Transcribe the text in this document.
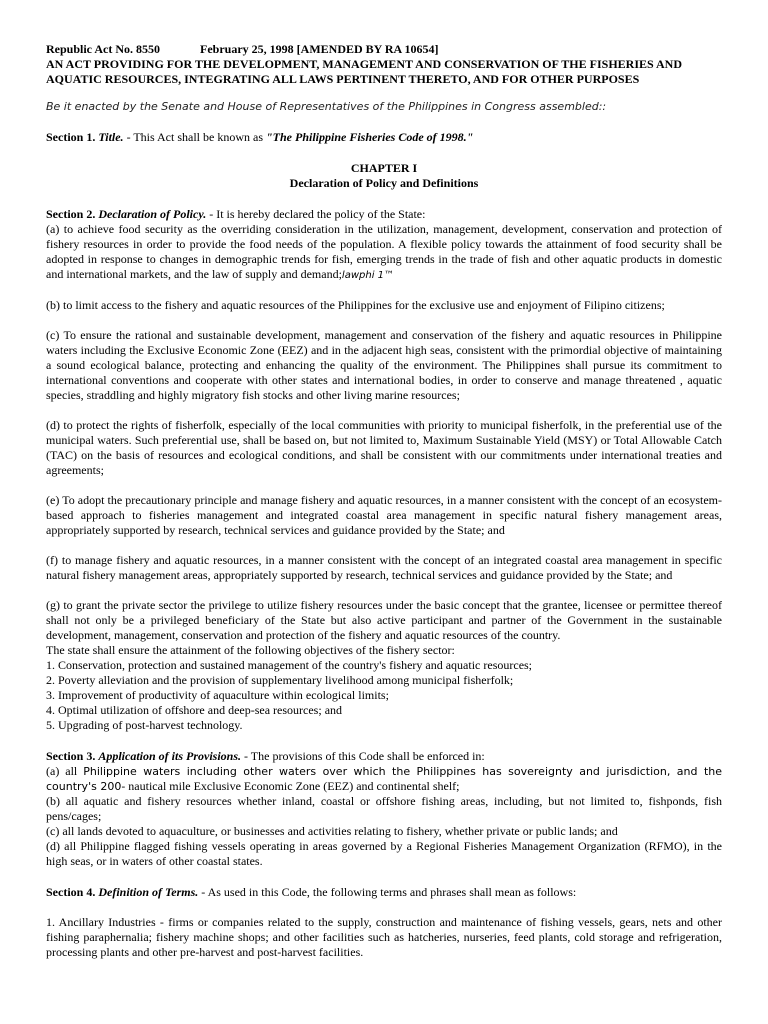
Republic Act No. 8550	February 25, 1998 [AMENDED BY RA 10654]

AN ACT PROVIDING FOR THE DEVELOPMENT, MANAGEMENT AND CONSERVATION OF THE FISHERIES AND AQUATIC RESOURCES, INTEGRATING ALL LAWS PERTINENT THERETO, AND FOR OTHER PURPOSES

Be it enacted by the Senate and House of Representatives of the Philippines in Congress assembled::

Section 1. Title. - This Act shall be known as "The Philippine Fisheries Code of 1998."

CHAPTER I

Declaration of Policy and Definitions

Section 2. Declaration of Policy. - It is hereby declared the policy of the State:

(a) to achieve food security as the overriding consideration in the utilization, management, development, conservation and protection of fishery resources in order to provide the food needs of the population. A flexible policy towards the attainment of food security shall be adopted in response to changes in demographic trends for fish, emerging trends in the trade of fish and other aquatic products in domestic and international markets, and the law of supply and demand;lawphi 1™

(b) to limit access to the fishery and aquatic resources of the Philippines for the exclusive use and enjoyment of Filipino citizens;

(c) To ensure the rational and sustainable development, management and conservation of the fishery and aquatic resources in Philippine waters including the Exclusive Economic Zone (EEZ) and in the adjacent high seas, consistent with the primordial objective of maintaining a sound ecological balance, protecting and enhancing the quality of the environment. The Philippines shall pursue its commitment to international conventions and cooperate with other states and international bodies, in order to conserve and manage threatened , aquatic species, straddling and highly migratory fish stocks and other living marine resources;

(d) to protect the rights of fisherfolk, especially of the local communities with priority to municipal fisherfolk, in the preferential use of the municipal waters. Such preferential use, shall be based on, but not limited to, Maximum Sustainable Yield (MSY) or Total Allowable Catch (TAC) on the basis of resources and ecological conditions, and shall be consistent with our commitments under international treaties and agreements;

(e) To adopt the precautionary principle and manage fishery and aquatic resources, in a manner consistent with the concept of an ecosystem-based approach to fisheries management and integrated coastal area management in specific natural fishery management areas, appropriately supported by research, technical services and guidance provided by the State; and

(f) to manage fishery and aquatic resources, in a manner consistent with the concept of an integrated coastal area management in specific natural fishery management areas, appropriately supported by research, technical services and guidance provided by the State; and

(g) to grant the private sector the privilege to utilize fishery resources under the basic concept that the grantee, licensee or permittee thereof shall not only be a privileged beneficiary of the State but also active participant and partner of the Government in the sustainable development, management, conservation and protection of the fishery and aquatic resources of the country.

The state shall ensure the attainment of the following objectives of the fishery sector:

1. Conservation, protection and sustained management of the country's fishery and aquatic resources;
2. Poverty alleviation and the provision of supplementary livelihood among municipal fisherfolk;
3. Improvement of productivity of aquaculture within ecological limits;
4. Optimal utilization of offshore and deep-sea resources; and
5. Upgrading of post-harvest technology.

Section 3. Application of its Provisions. - The provisions of this Code shall be enforced in:

(a) all Philippine waters including other waters over which the Philippines has sovereignty and jurisdiction, and the country's 200- nautical mile Exclusive Economic Zone (EEZ) and continental shelf;

(b) all aquatic and fishery resources whether inland, coastal or offshore fishing areas, including, but not limited to, fishponds, fish pens/cages;

(c) all lands devoted to aquaculture, or businesses and activities relating to fishery, whether private or public lands; and

(d) all Philippine flagged fishing vessels operating in areas governed by a Regional Fisheries Management Organization (RFMO), in the high seas, or in waters of other coastal states.

Section 4. Definition of Terms. - As used in this Code, the following terms and phrases shall mean as follows:

1. Ancillary Industries - firms or companies related to the supply, construction and maintenance of fishing vessels, gears, nets and other fishing paraphernalia; fishery machine shops; and other facilities such as hatcheries, nurseries, feed plants, cold storage and refrigeration, processing plants and other pre-harvest and post-harvest facilities.
